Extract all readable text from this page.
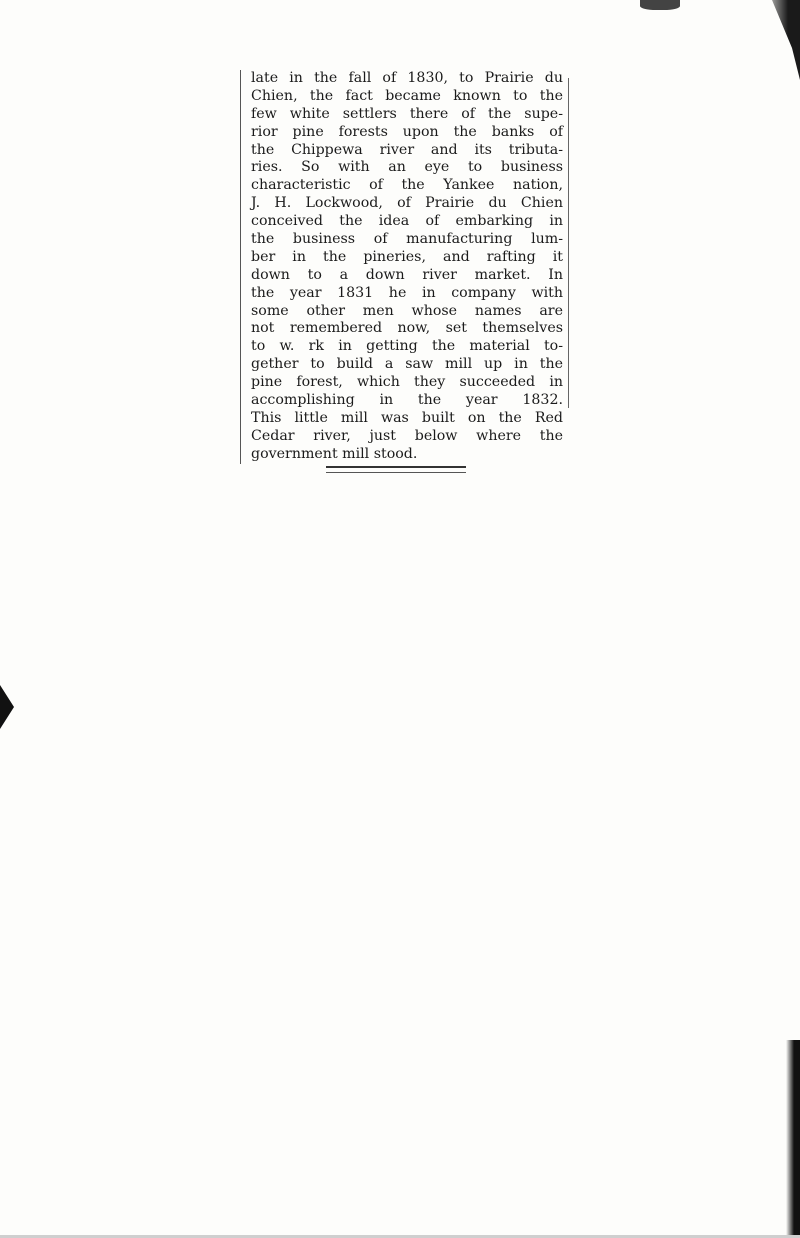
late in the fall of 1830, to Prairie du
Chien, the fact became known to the
few white settlers there of the supe-
rior pine forests upon the banks of
the Chippewa river and its tributa-
ries. So with an eye to business
characteristic of the Yankee nation,
J. H. Lockwood, of Prairie du Chien
conceived the idea of embarking in
the business of manufacturing lum-
ber in the pineries, and rafting it
down to a down river market. In
the year 1831 he in company with
some other men whose names are
not remembered now, set themselves
to w. rk in getting the material to-
gether to build a saw mill up in the
pine forest, which they succeeded in
accomplishing in the year 1832.
This little mill was built on the Red
Cedar river, just below where the
government mill stood.
